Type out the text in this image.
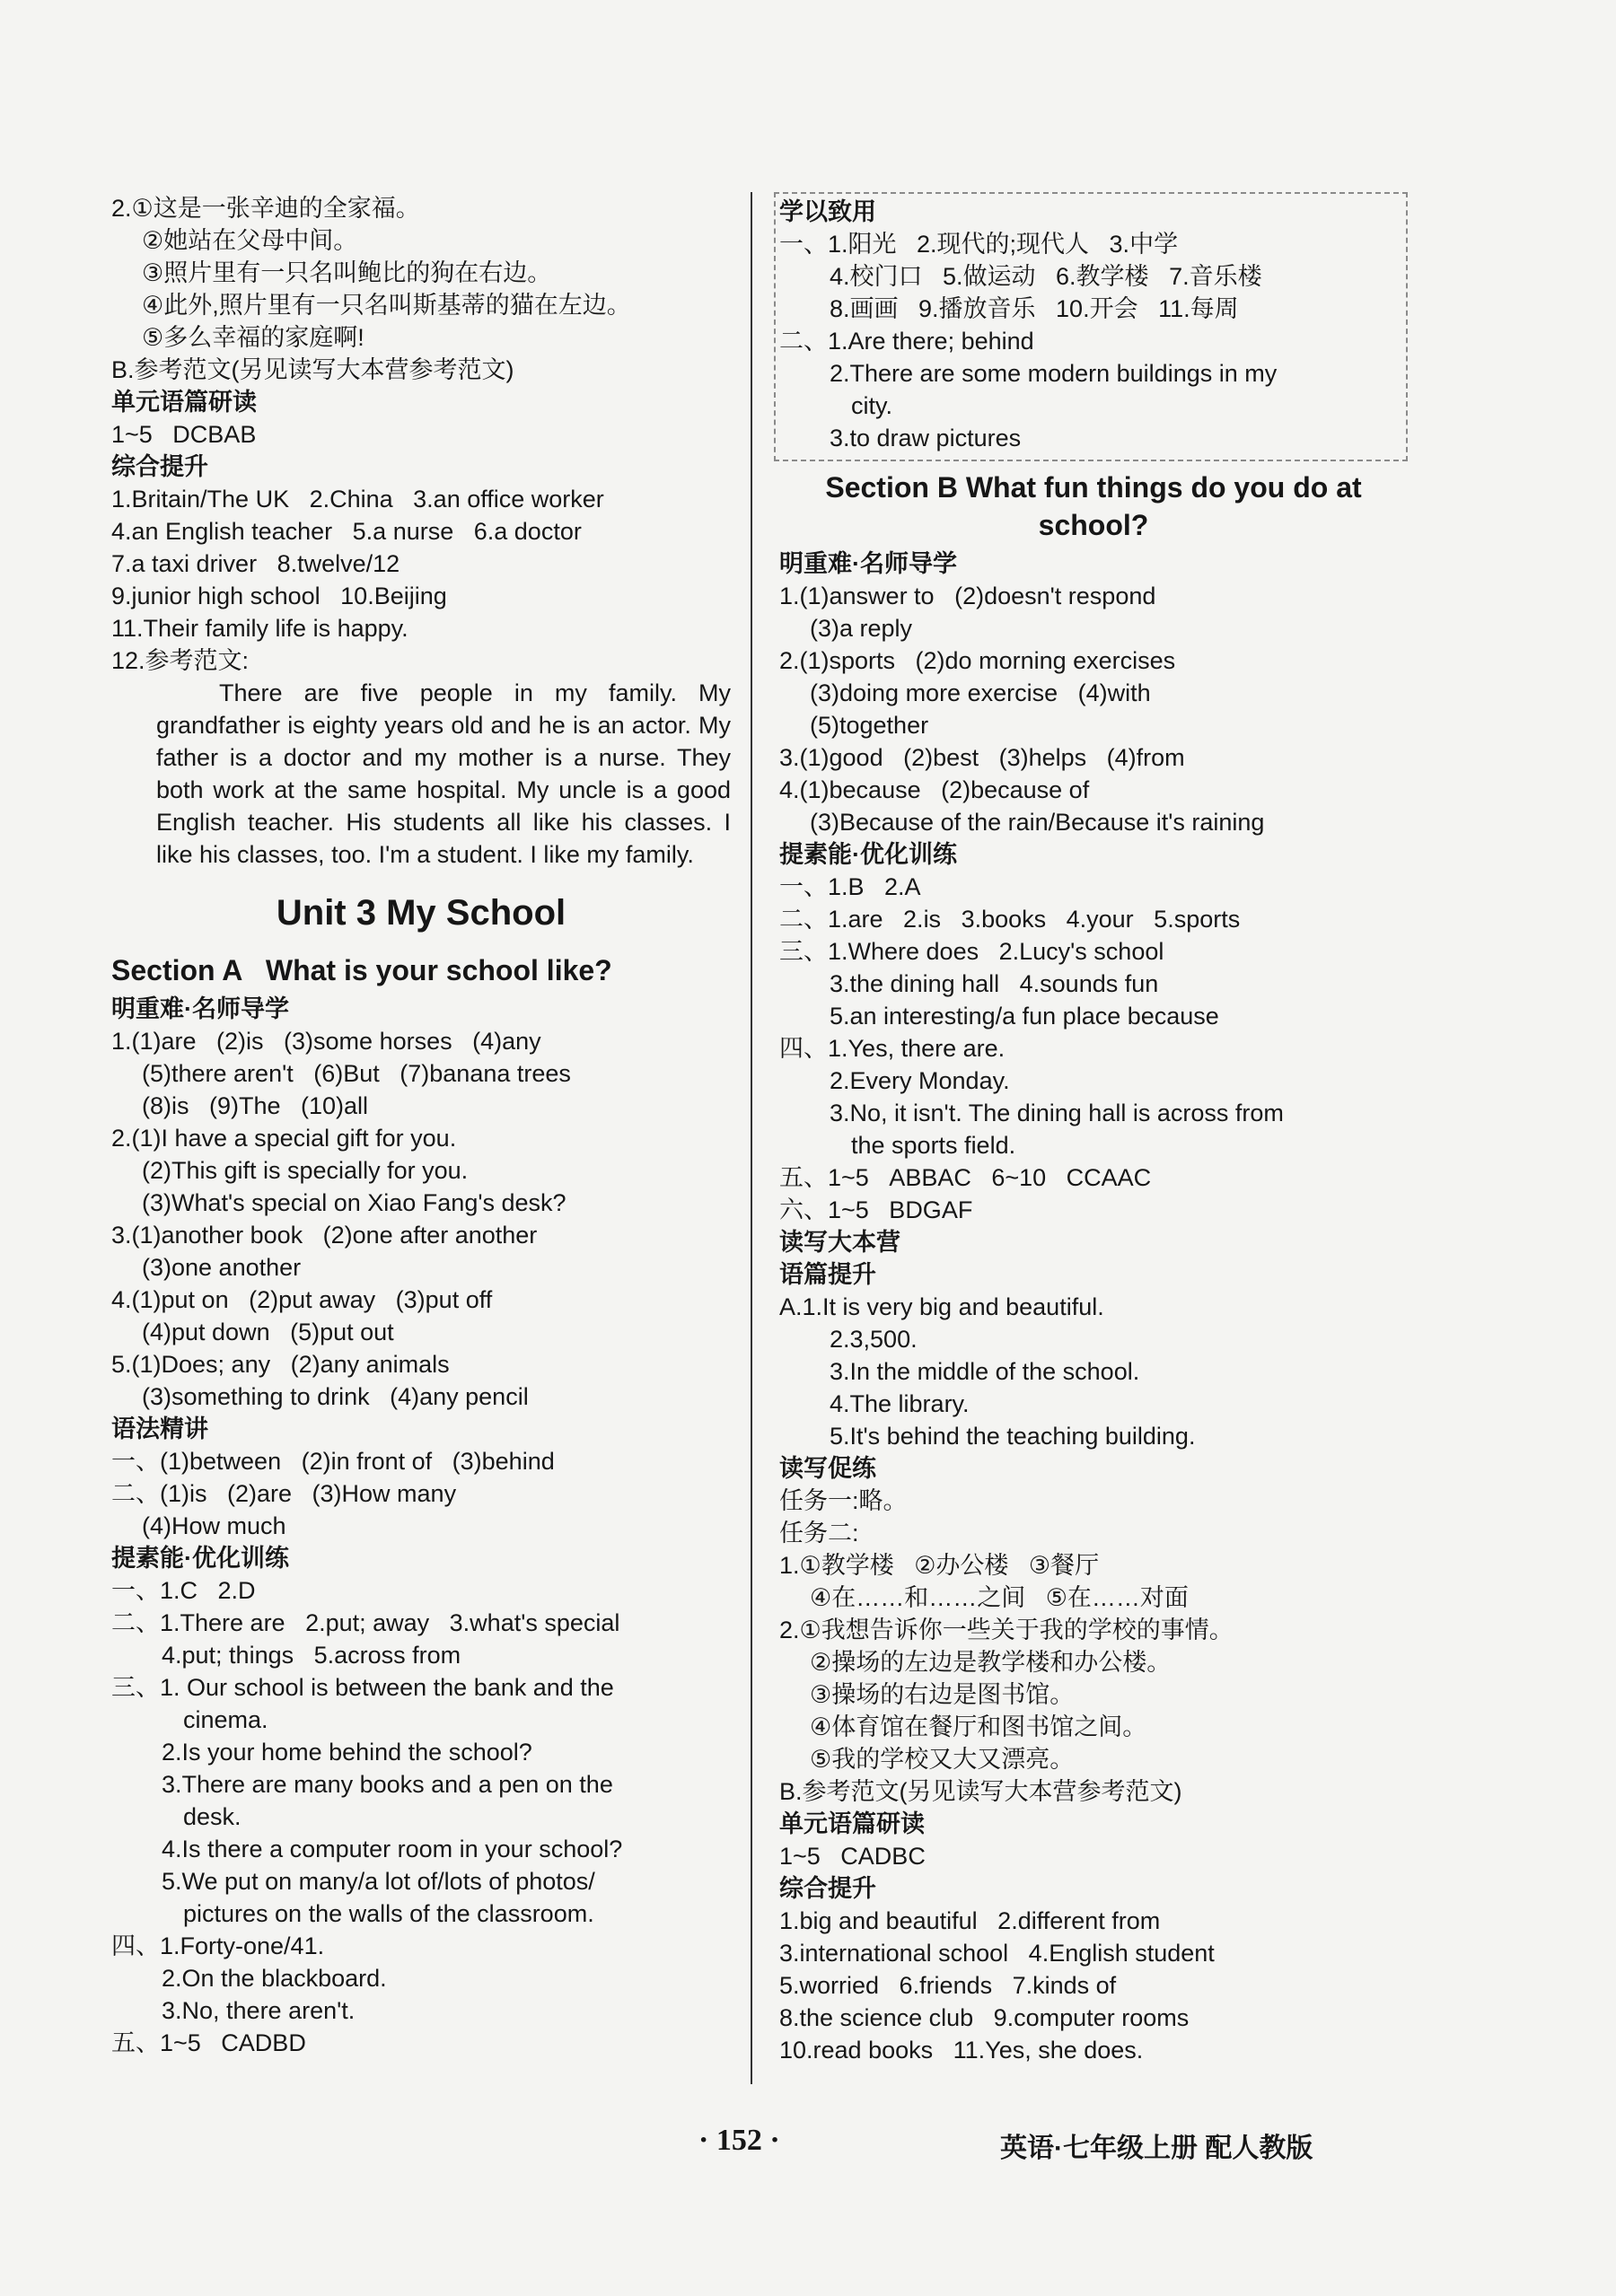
2.①这是一张辛迪的全家福。

②她站在父母中间。

③照片里有一只名叫鲍比的狗在右边。

④此外,照片里有一只名叫斯基蒂的猫在左边。

⑤多么幸福的家庭啊!

B.参考范文(另见读写大本营参考范文)

单元语篇研读

1~5   DCBAB

综合提升

1.Britain/The UK   2.China   3.an office worker

4.an English teacher   5.a nurse   6.a doctor

7.a taxi driver   8.twelve/12

9.junior high school   10.Beijing

11.Their family life is happy.

12.参考范文:

There are five people in my family. My grandfather is eighty years old and he is an actor. My father is a doctor and my mother is a nurse. They both work at the same hospital. My uncle is a good English teacher. His students all like his classes. I like his classes, too. I'm a student. I like my family.

Unit 3 My School
Section A   What is your school like?

明重难·名师导学

1.(1)are   (2)is   (3)some horses   (4)any

(5)there aren't   (6)But   (7)banana trees

(8)is   (9)The   (10)all

2.(1)I have a special gift for you.

(2)This gift is specially for you.

(3)What's special on Xiao Fang's desk?

3.(1)another book   (2)one after another

(3)one another

4.(1)put on   (2)put away   (3)put off

(4)put down   (5)put out

5.(1)Does; any   (2)any animals

(3)something to drink   (4)any pencil

语法精讲

一、(1)between   (2)in front of   (3)behind

二、(1)is   (2)are   (3)How many

(4)How much

提素能·优化训练

一、1.C   2.D

二、1.There are   2.put; away   3.what's special

4.put; things   5.across from

三、1. Our school is between the bank and the

cinema.

2.Is your home behind the school?

3.There are many books and a pen on the

desk.

4.Is there a computer room in your school?

5.We put on many/a lot of/lots of photos/

pictures on the walls of the classroom.

四、1.Forty-one/41.

2.On the blackboard.

3.No, there aren't.

五、1~5   CADBD

学以致用

一、1.阳光   2.现代的;现代人   3.中学

4.校门口   5.做运动   6.教学楼   7.音乐楼

8.画画   9.播放音乐   10.开会   11.每周

二、1.Are there; behind

2.There are some modern buildings in my

city.

3.to draw pictures

Section B What fun things do you do at school?

明重难·名师导学

1.(1)answer to   (2)doesn't respond

(3)a reply

2.(1)sports   (2)do morning exercises

(3)doing more exercise   (4)with

(5)together

3.(1)good   (2)best   (3)helps   (4)from

4.(1)because   (2)because of

(3)Because of the rain/Because it's raining

提素能·优化训练

一、1.B   2.A

二、1.are   2.is   3.books   4.your   5.sports

三、1.Where does   2.Lucy's school

3.the dining hall   4.sounds fun

5.an interesting/a fun place because

四、1.Yes, there are.

2.Every Monday.

3.No, it isn't. The dining hall is across from

the sports field.

五、1~5   ABBAC   6~10   CCAAC

六、1~5   BDGAF

读写大本营

语篇提升

A.1.It is very big and beautiful.

2.3,500.

3.In the middle of the school.

4.The library.

5.It's behind the teaching building.

读写促练

任务一:略。

任务二:

1.①教学楼   ②办公楼   ③餐厅

④在……和……之间   ⑤在……对面

2.①我想告诉你一些关于我的学校的事情。

②操场的左边是教学楼和办公楼。

③操场的右边是图书馆。

④体育馆在餐厅和图书馆之间。

⑤我的学校又大又漂亮。

B.参考范文(另见读写大本营参考范文)

单元语篇研读

1~5   CADBC

综合提升

1.big and beautiful   2.different from

3.international school   4.English student

5.worried   6.friends   7.kinds of

8.the science club   9.computer rooms

10.read books   11.Yes, she does.

· 152 ·	英语·七年级上册 配人教版
